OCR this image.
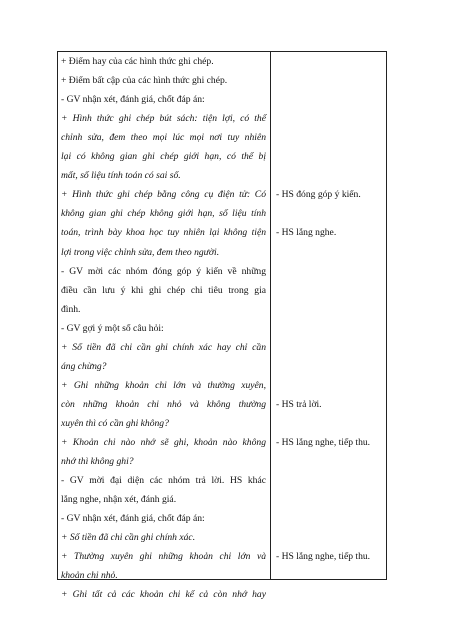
+ Điểm hay của các hình thức ghi chép.
+ Điểm bất cập của các hình thức ghi chép.
- GV nhận xét, đánh giá, chốt đáp án:
+ Hình thức ghi chép bút sách: tiện lợi, có thể
chỉnh sửa, đem theo mọi lúc mọi nơi tuy nhiên
lại có không gian ghi chép giới hạn, có thể bị
mất, số liệu tính toán có sai số.
+ Hình thức ghi chép bằng công cụ điện tử: Có
không gian ghi chép không giới hạn, số liệu tính
toán, trình bày khoa học tuy nhiên lại không tiện
lợi trong việc chỉnh sửa, đem theo người.
- GV mời các nhóm đóng góp ý kiến về những
điều cần lưu ý khi ghi chép chi tiêu trong gia
đình.
- GV gợi ý một số câu hỏi:
+ Số tiền đã chi cần ghi chính xác hay chỉ cần
áng chừng?
+ Ghi những khoản chi lớn và thường xuyên,
còn những khoản chi nhỏ và không thường
xuyên thì có cần ghi không?
+ Khoản chi nào nhớ sẽ ghi, khoản nào không
nhớ thì không ghi?
- GV mời đại diện các nhóm trả lời. HS khác
lắng nghe, nhận xét, đánh giá.
- GV nhận xét, đánh giá, chốt đáp án:
+ Số tiền đã chi cần ghi chính xác.
+ Thường xuyên ghi những khoản chi lớn và
khoản chi nhỏ.
+ Ghi tất cả các khoản chi kể cả còn nhớ hay
- HS đóng góp ý kiến.
- HS lắng nghe.
- HS trả lời.
- HS lắng nghe, tiếp thu.
- HS lắng nghe, tiếp thu.
